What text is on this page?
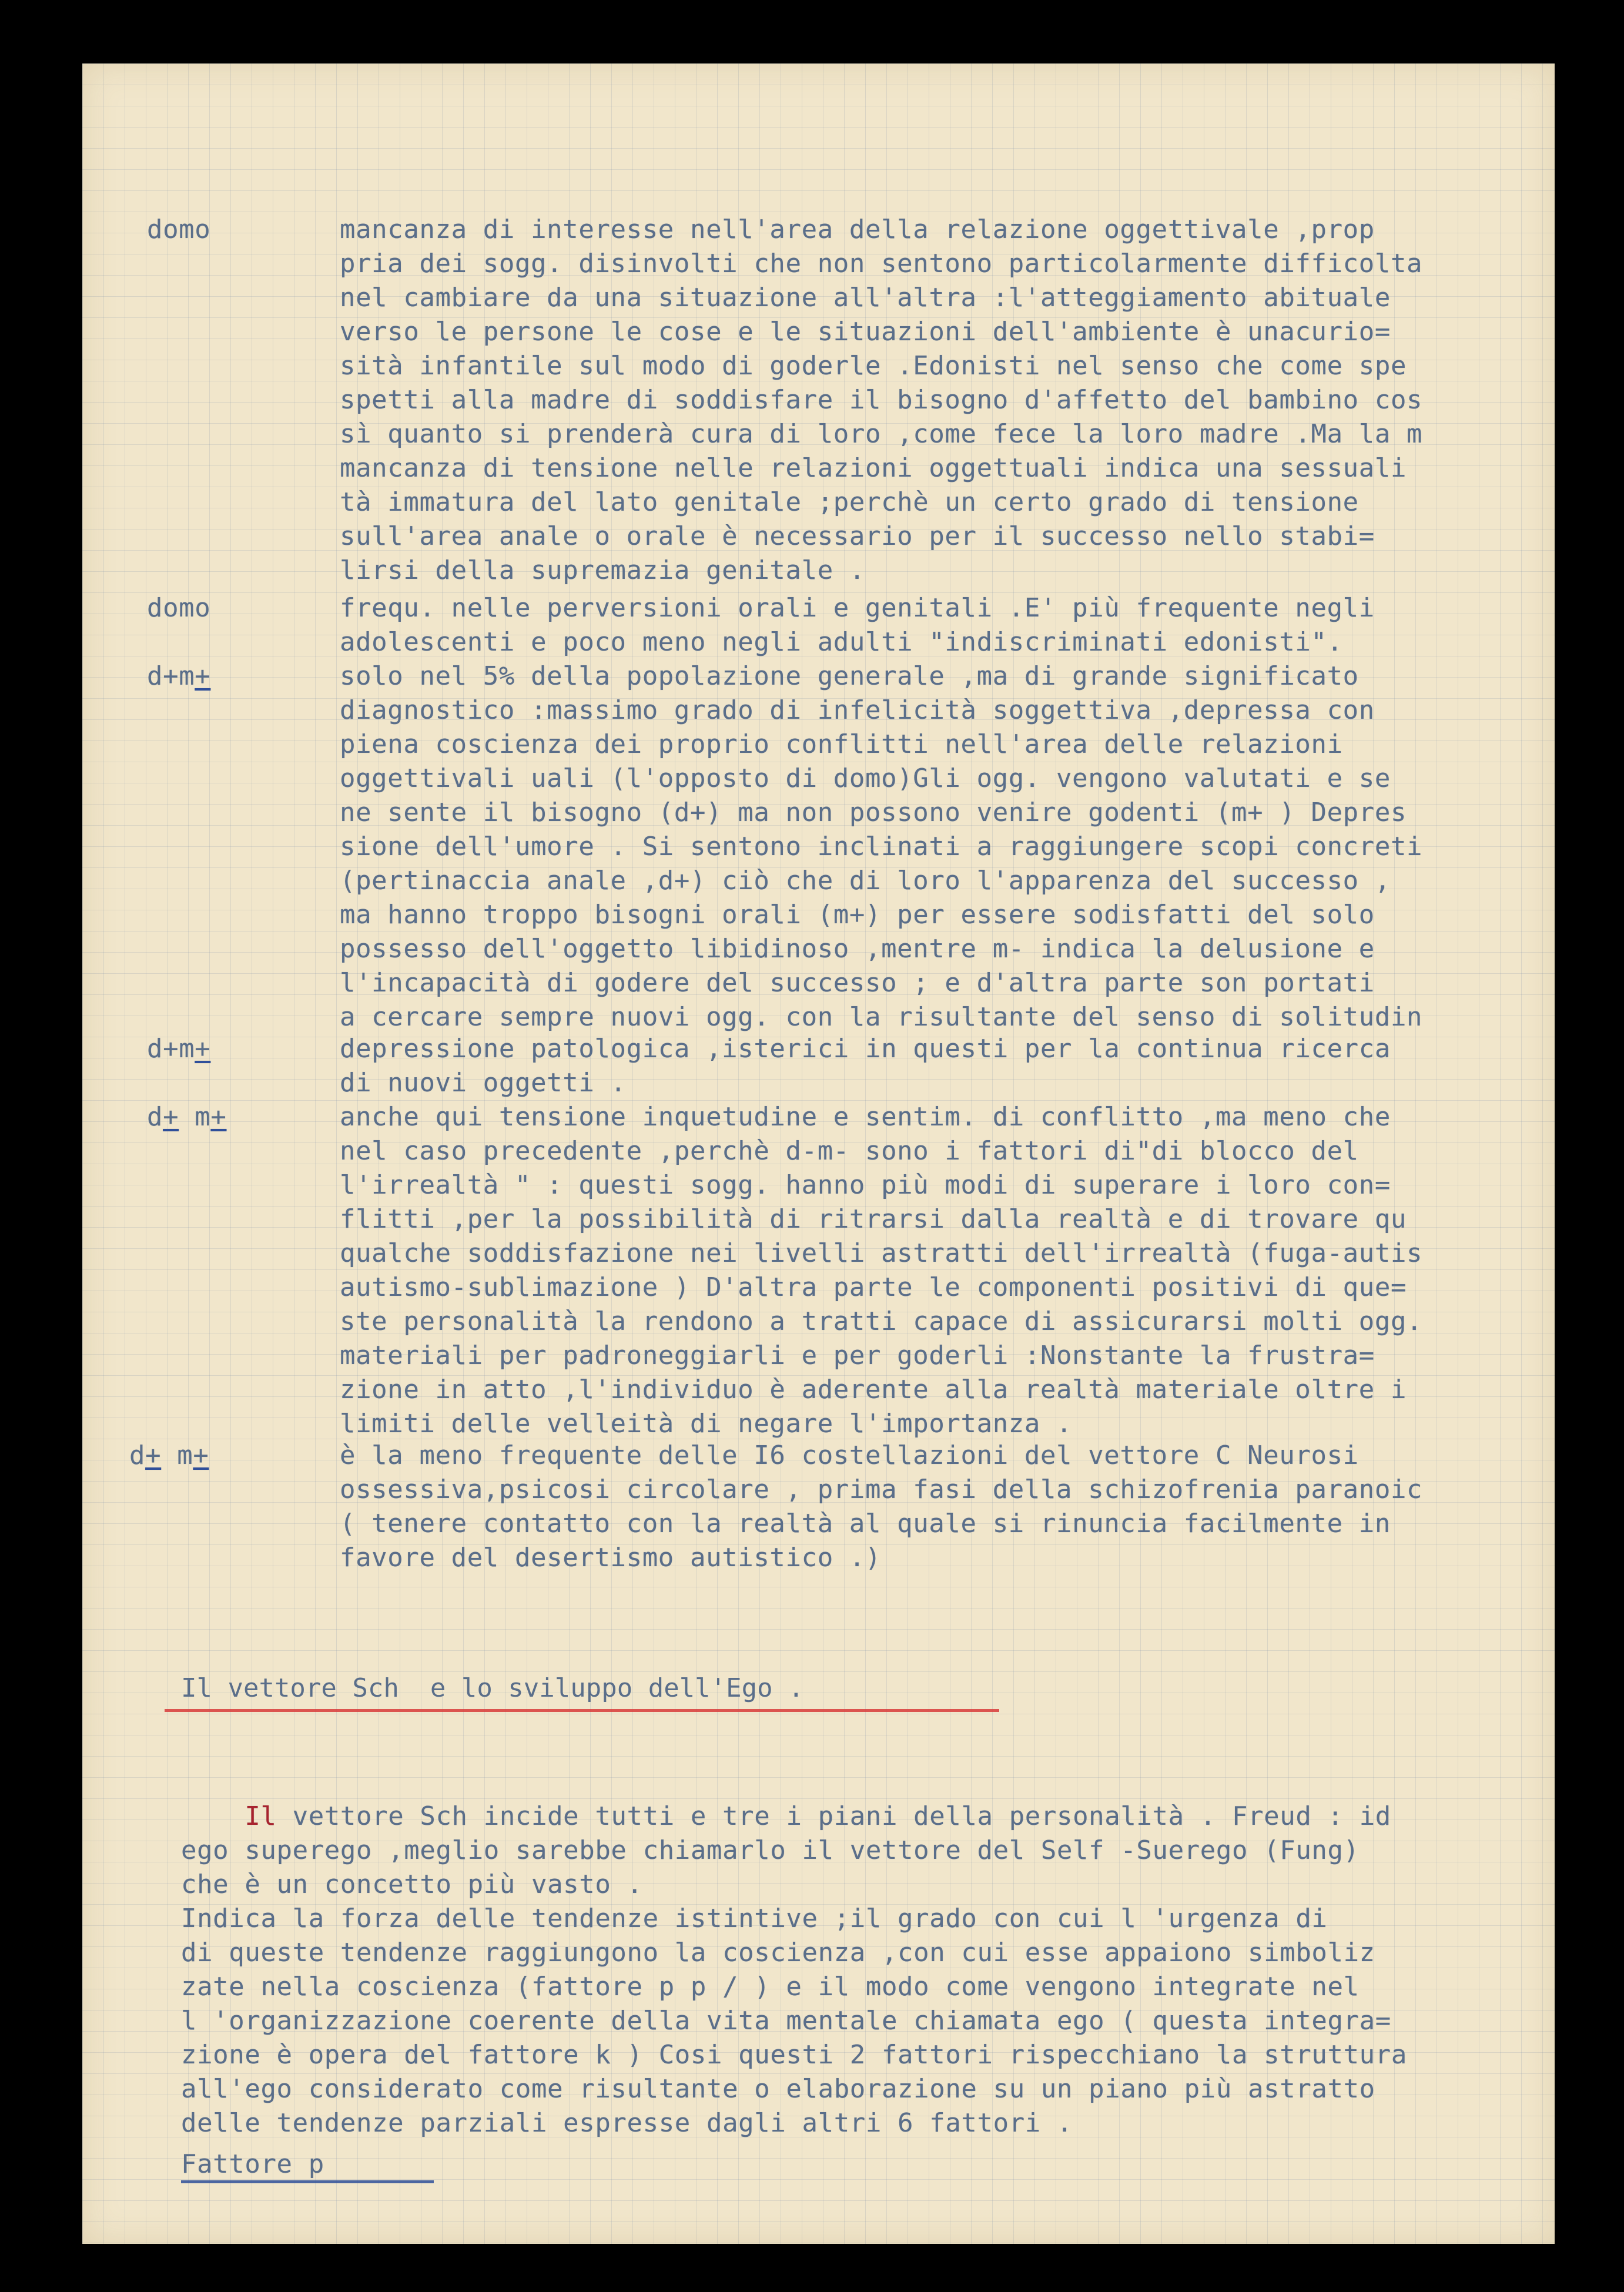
domo
domo
d+m+
d+m+
d+ m+
d+ m+
mancanza di interesse nell'area della relazione oggettivale ,prop
pria dei sogg. disinvolti che non sentono particolarmente difficolta
nel cambiare da una situazione all'altra :l'atteggiamento abituale
verso le persone le cose e le situazioni dell'ambiente è unacurio=
sità infantile sul modo di goderle .Edonisti nel senso che come spe
spetti alla madre di soddisfare il bisogno d'affetto del bambino cos
sì quanto si prenderà cura di loro ,come fece la loro madre .Ma la m
mancanza di tensione nelle relazioni oggettuali indica una sessuali
tà immatura del lato genitale ;perchè un certo grado di tensione
sull'area anale o orale è necessario per il successo nello stabi=
lirsi della supremazia genitale .
frequ. nelle perversioni orali e genitali .E' più frequente negli
adolescenti e poco meno negli adulti "indiscriminati edonisti".
solo nel 5% della popolazione generale ,ma di grande significato
diagnostico :massimo grado di infelicità soggettiva ,depressa con
piena coscienza dei proprio conflitti nell'area delle relazioni
oggettivali uali (l'opposto di domo)Gli ogg. vengono valutati e se
ne sente il bisogno (d+) ma non possono venire godenti (m+ ) Depres
sione dell'umore . Si sentono inclinati a raggiungere scopi concreti
(pertinaccia anale ,d+) ciò che di loro l'apparenza del successo ,
ma hanno troppo bisogni orali (m+) per essere sodisfatti del solo
possesso dell'oggetto libidinoso ,mentre m- indica la delusione e
l'incapacità di godere del successo ; e d'altra parte son portati
a cercare sempre nuovi ogg. con la risultante del senso di solitudin
depressione patologica ,isterici in questi per la continua ricerca
di nuovi oggetti .
anche qui tensione inquetudine e sentim. di conflitto ,ma meno che
nel caso precedente ,perchè d-m- sono i fattori di"di blocco del
l'irrealtà " : questi sogg. hanno più modi di superare i loro con=
flitti ,per la possibilità di ritrarsi dalla realtà e di trovare qu
qualche soddisfazione nei livelli astratti dell'irrealtà (fuga-autis
autismo-sublimazione ) D'altra parte le componenti positivi di que=
ste personalità la rendono a tratti capace di assicurarsi molti ogg.
materiali per padroneggiarli e per goderli :Nonstante la frustra=
zione in atto ,l'individuo è aderente alla realtà materiale oltre i
limiti delle velleità di negare l'importanza .
è la meno frequente delle I6 costellazioni del vettore C Neurosi
ossessiva,psicosi circolare , prima fasi della schizofrenia paranoic
( tenere contatto con la realtà al quale si rinuncia facilmente in
favore del desertismo autistico .)
Il vettore Sch  e lo sviluppo dell'Ego .

Il vettore Sch incide tutti e tre i piani della personalità . Freud : id
ego superego ,meglio sarebbe chiamarlo il vettore del Self -Suerego (Fung)
che è un concetto più vasto .
Indica la forza delle tendenze istintive ;il grado con cui l 'urgenza di
di queste tendenze raggiungono la coscienza ,con cui esse appaiono simboliz
zate nella coscienza (fattore p p / ) e il modo come vengono integrate nel
l 'organizzazione coerente della vita mentale chiamata ego ( questa integra=
zione è opera del fattore k ) Cosi questi 2 fattori rispecchiano la struttura
all'ego considerato come risultante o elaborazione su un piano più astratto
delle tendenze parziali espresse dagli altri 6 fattori .

Fattore p
